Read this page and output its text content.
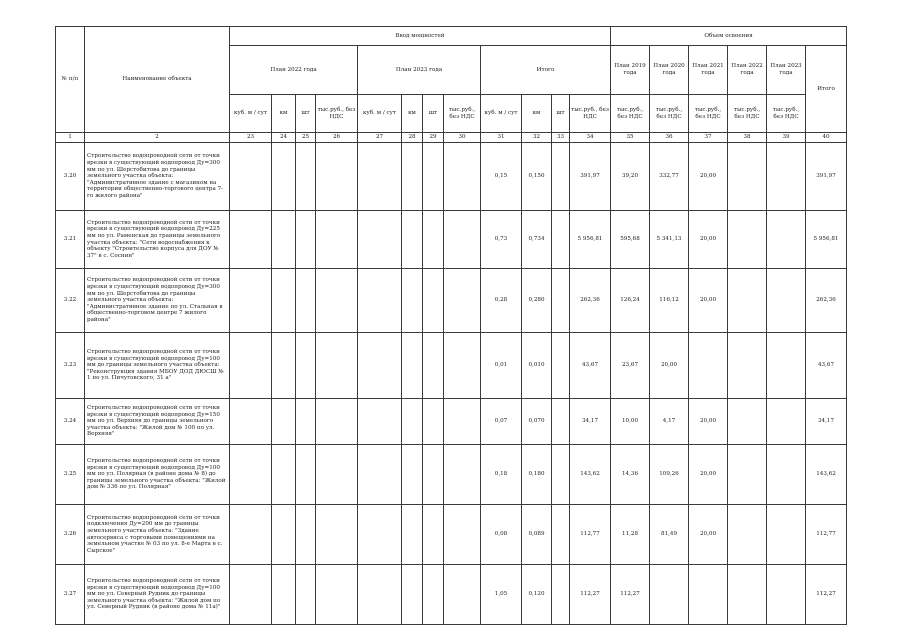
№ п/п	Наименование объекта	Ввод мощностей												Объем освоения					
		План 2022 года				План 2023 года				Итого				План 2019 года	План 2020 года	План 2021 года	План 2022 года	План 2023 года	Итого
		куб. м / сут	км	шт	тыс.руб., без НДС	куб. м / сут	км	шт	тыс.руб., без НДС	куб. м / сут	км	шт	тыс.руб., без НДС	тыс.руб., без НДС	тыс.руб., без НДС	тыс.руб., без НДС	тыс.руб., без НДС	тыс.руб., без НДС	
1	2	23	24	25	26	27	28	29	30	31	32	33	34	35	36	37	38	39	40
3.20	Строительство водопроводной сети от точки врезки в существующий водопровод Ду=300 мм по ул. Шерстобитова до границы земельного участка объекта: "Административное здание с магазином на территории общественно-торгового центра 7-го жилого района"									0,15	0,150		391,97	39,20	332,77	20,00			391,97
3.21	Строительство водопроводной сети от точки врезки в существующий водопровод Ду=225 мм по ул. Раменская до границы земельного участка объекта: "Сети водоснабжения к объекту "Строительство корпуса для ДОУ № 37" в с. Соснин"									0,73	0,734		5 956,81	595,68	5 341,13	20,00			5 956,81
3.22	Строительство водопроводной сети от точки врезки в существующий водопровод Ду=300 мм по ул. Шерстобитова до границы земельного участка объекта: "Административное здание по ул. Стальная в общественно-торговом центре 7 жилого района"									0,28	0,280		262,36	126,24	116,12	20,00			262,36
3.23	Строительство водопроводной сети от точки врезки в существующий водопровод Ду=100 мм до границы земельного участка объекта: "Реконструкция здания МБОУ ДОД ДЮСШ № 1 по ул. Пичуговского, 31 а"									0,01	0,010		43,67	23,67	20,00				43,67
3.24	Строительство водопроводной сети от точки врезки в существующий водопровод Ду=150 мм по ул. Верхняя до границы земельного участка объекта: "Жилой дом № 100 по ул. Верхняя"									0,07	0,070		34,17	10,00	4,17	20,00			34,17
3.25	Строительство водопроводной сети от точки врезки в существующий водопровод Ду=100 мм по ул. Полярная (в районе дома № 8) до границы земельного участка объекта: "Жилой дом № 336 по ул. Полярная"									0,18	0,180		143,62	14,36	109,26	20,00			143,62
3.26	Строительство водопроводной сети от точки подключения Ду=200 мм до границы земельного участка объекта: "Здание автосервиса с торговыми помещениями на земельном участке № 03 по ул. 8-е Марта в с. Сырское"									0,08	0,089		112,77	11,28	81,49	20,00			112,77
3.27	Строительство водопроводной сети от точки врезки в существующий водопровод Ду=100 мм по ул. Северный Рудник до границы земельного участка объекта: "Жилой дом по ул. Северный Рудник (в районе дома № 11а)"									1,05	0,120		112,27	112,27					112,27
